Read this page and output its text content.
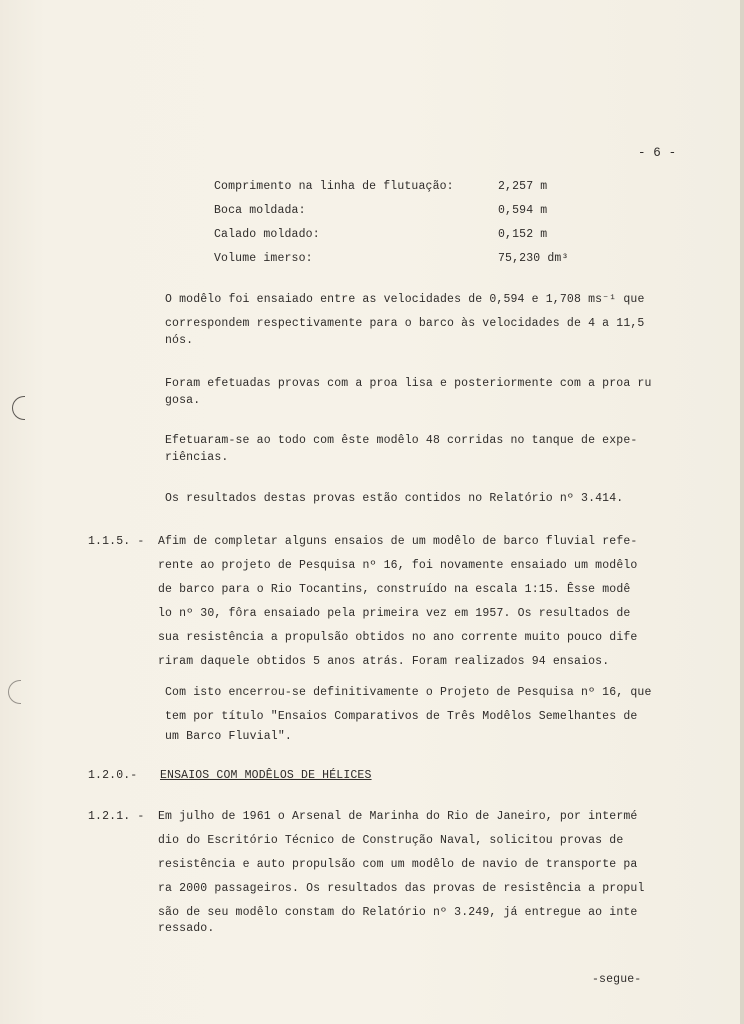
- 6 -
Comprimento na linha de flutuação:	2,257 m
Boca moldada:	0,594 m
Calado moldado:	0,152 m
Volume imerso:	75,230 dm³
O modêlo foi ensaiado entre as velocidades de 0,594 e 1,708 ms⁻¹ que
correspondem respectivamente para o barco às velocidades de 4 a 11,5
nós.
Foram efetuadas provas com a proa lisa e posteriormente com a proa ru
gosa.
Efetuaram-se ao todo com êste modêlo 48 corridas no tanque de expe-
riências.
Os resultados destas provas estão contidos no Relatório nº 3.414.
1.1.5. - Afim de completar alguns ensaios de um modêlo de barco fluvial refe-
rente ao projeto de Pesquisa nº 16, foi novamente ensaiado um modêlo
de barco para o Rio Tocantins, construído na escala 1:15. Êsse modê
lo nº 30, fôra ensaiado pela primeira vez em 1957. Os resultados de
sua resistência a propulsão obtidos no ano corrente muito pouco dife
riram daquele obtidos 5 anos atrás. Foram realizados 94 ensaios.
Com isto encerrou-se definitivamente o Projeto de Pesquisa nº 16, que
tem por título "Ensaios Comparativos de Três Modêlos Semelhantes de
um Barco Fluvial".
1.2.0.- ENSAIOS COM MODÊLOS DE HÉLICES
1.2.1. - Em julho de 1961 o Arsenal de Marinha do Rio de Janeiro, por intermé
dio do Escritório Técnico de Construção Naval, solicitou provas de
resistência e auto propulsão com um modêlo de navio de transporte pa
ra 2000 passageiros. Os resultados das provas de resistência a propul
são de seu modêlo constam do Relatório nº 3.249, já entregue ao inte
ressado.
-segue-
